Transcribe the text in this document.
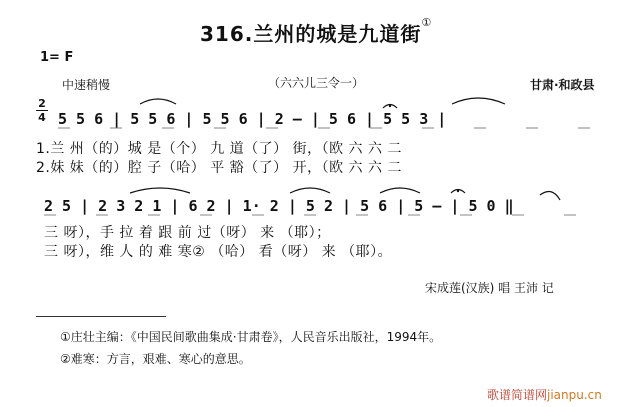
316.兰州的城是九道街①
1= F
中速稍慢	（六六儿三令一）	甘肃·和政县
2
4 5 5 6 | 5 5 6 | 5 5 6 | 2 – | 5 6 | 5 5 3 |
1.兰 州（的）城 是（个） 九 道（了） 街，（欧 六 六 二
2.妹 妹（的）腔 子（哈） 平 豁（了） 开，（欧 六 六 二
2 5 | 2 3 2 1 | 6 2 | 1· 2 | 5 2 | 5 6 | 5 – | 5 0 ‖
三 呀），手 拉 着 跟 前 过（呀） 来 （耶）；
三 呀），维 人 的 难 寒② （哈） 看（呀） 来 （耶）。
宋成莲(汉族) 唱 王沛 记
①庄壮主编：《中国民间歌曲集成·甘肃卷》，人民音乐出版社，1994年。
②难寒：方言，艰难、寒心的意思。
歌谱简谱网jianpu.cn
